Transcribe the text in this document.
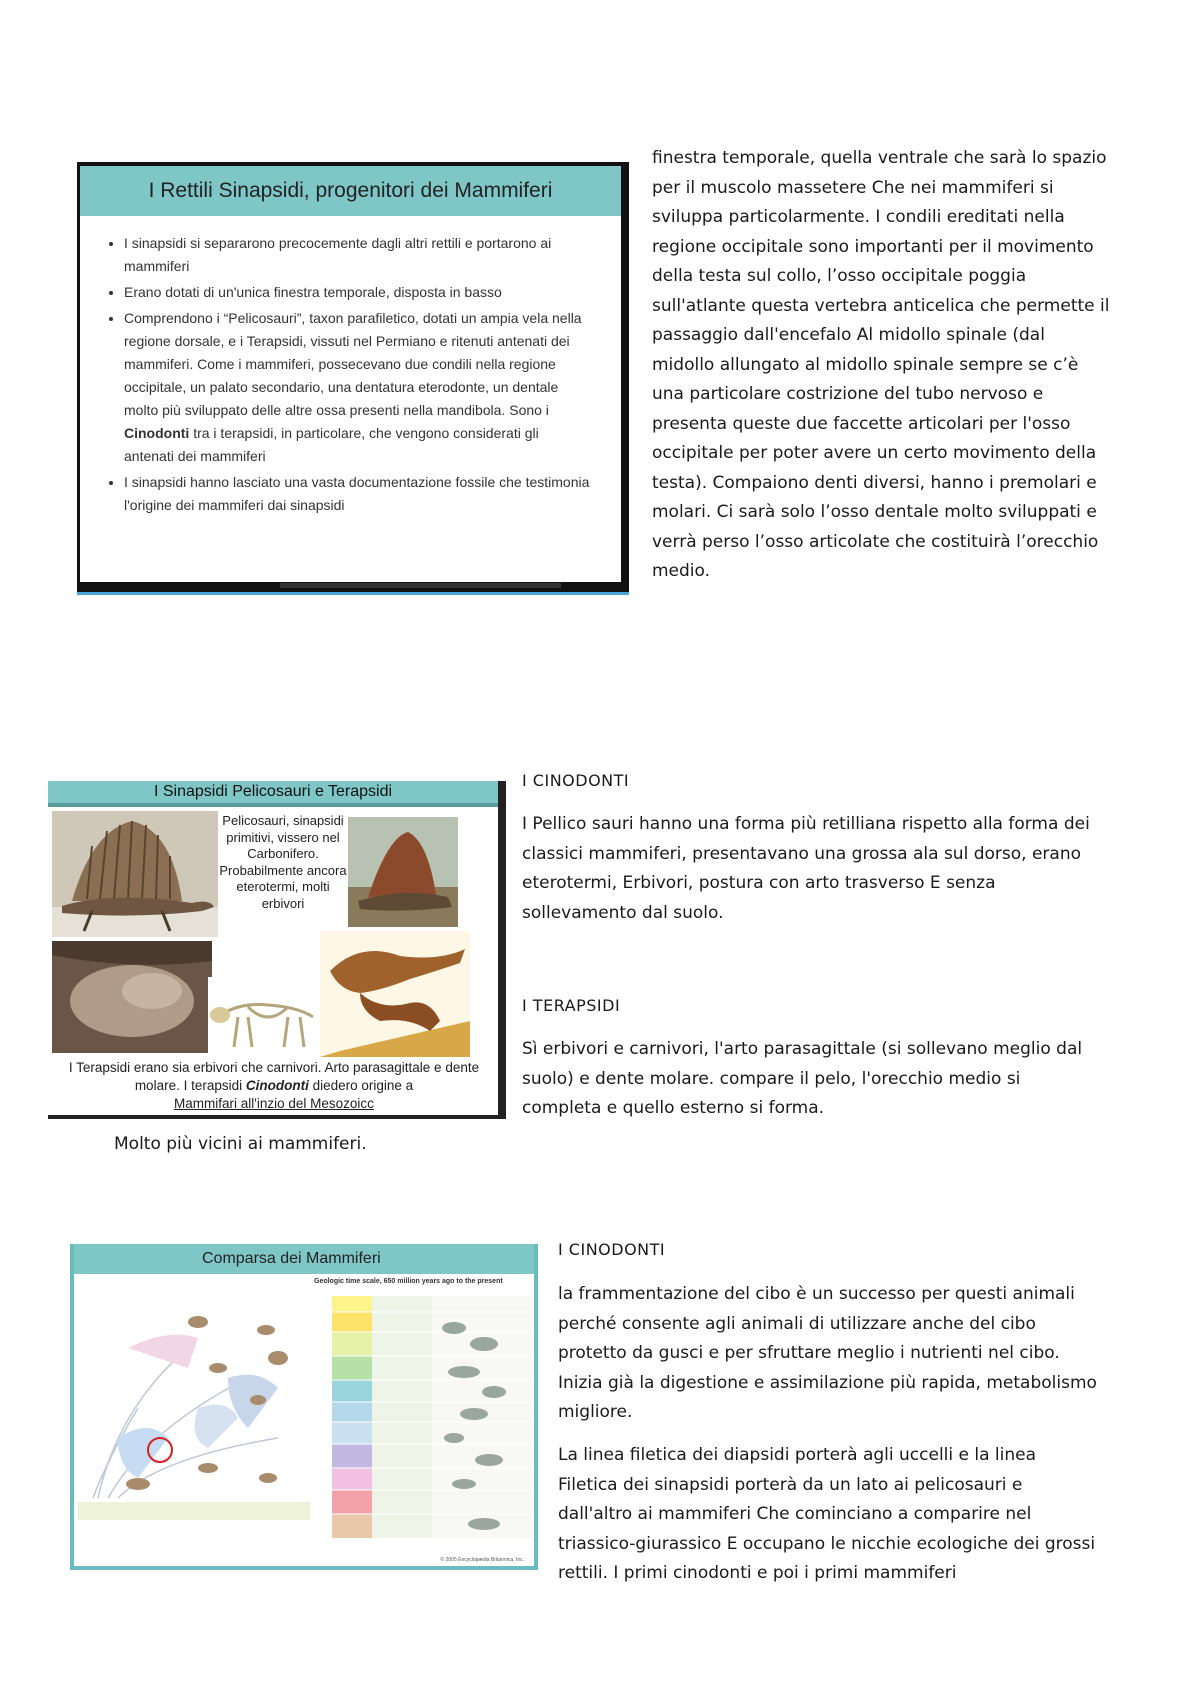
I Rettili Sinapsidi, progenitori dei Mammiferi
• I sinapsidi si separarono precocemente dagli altri rettili e portarono ai mammiferi
• Erano dotati di un'unica finestra temporale, disposta in basso
• Comprendono i “Pelicosauri”, taxon parafiletico, dotati un ampia vela nella regione dorsale, e i Terapsidi, vissuti nel Permiano e ritenuti antenati dei mammiferi. Come i mammiferi, possecevano due condili nella regione occipitale, un palato secondario, una dentatura eterodonte, un dentale molto più sviluppato delle altre ossa presenti nella mandibola. Sono i Cinodonti tra i terapsidi, in particolare, che vengono considerati gli antenati dei mammiferi
• I sinapsidi hanno lasciato una vasta documentazione fossile che testimonia l'origine dei mammiferi dai sinapsidi

finestra temporale, quella ventrale che sarà lo spazio per il muscolo massetere Che nei mammiferi si sviluppa particolarmente. I condili ereditati nella regione occipitale sono importanti per il movimento della testa sul collo, l’osso occipitale poggia sull'atlante questa vertebra anticelica che permette il passaggio dall'encefalo Al midollo spinale (dal midollo allungato al midollo spinale sempre se c’è una particolare costrizione del tubo nervoso e presenta queste due faccette articolari per l'osso occipitale per poter avere un certo movimento della testa). Compaiono denti diversi, hanno i premolari e molari. Ci sarà solo l’osso dentale molto sviluppati e verrà perso l’osso articolate che costituirà l’orecchio medio.

I Sinapsidi Pelicosauri e Terapsidi
Pelicosauri, sinapsidi primitivi, vissero nel Carbonifero. Probabilmente ancora eterotermi, molti erbivori
I Terapsidi erano sia erbivori che carnivori. Arto parasagittale e dente molare. I terapsidi Cinodonti diedero origine a
Mammifari all'inzio del Mesozoicc

Molto più vicini ai mammiferi.

I CINODONTI

I Pellico sauri hanno una forma più retilliana rispetto alla forma dei classici mammiferi, presentavano una grossa ala sul dorso, erano eterotermi, Erbivori, postura con arto trasverso E senza sollevamento dal suolo.

I TERAPSIDI

Sì erbivori e carnivori, l'arto parasagittale (si sollevano meglio dal suolo) e dente molare. compare il pelo, l'orecchio medio si completa e quello esterno si forma.

Comparsa dei Mammiferi
Geologic time scale, 650 million years ago to the present
© 2005 Encyclopædia Britannica, Inc.

I CINODONTI

la frammentazione del cibo è un successo per questi animali perché consente agli animali di utilizzare anche del cibo protetto da gusci e per sfruttare meglio i nutrienti nel cibo. Inizia già la digestione e assimilazione più rapida, metabolismo migliore.

La linea filetica dei diapsidi porterà agli uccelli e la linea Filetica dei sinapsidi porterà da un lato ai pelicosauri e dall'altro ai mammiferi Che cominciano a comparire nel triassico-giurassico E occupano le nicchie ecologiche dei grossi rettili. I primi cinodonti e poi i primi mammiferi
